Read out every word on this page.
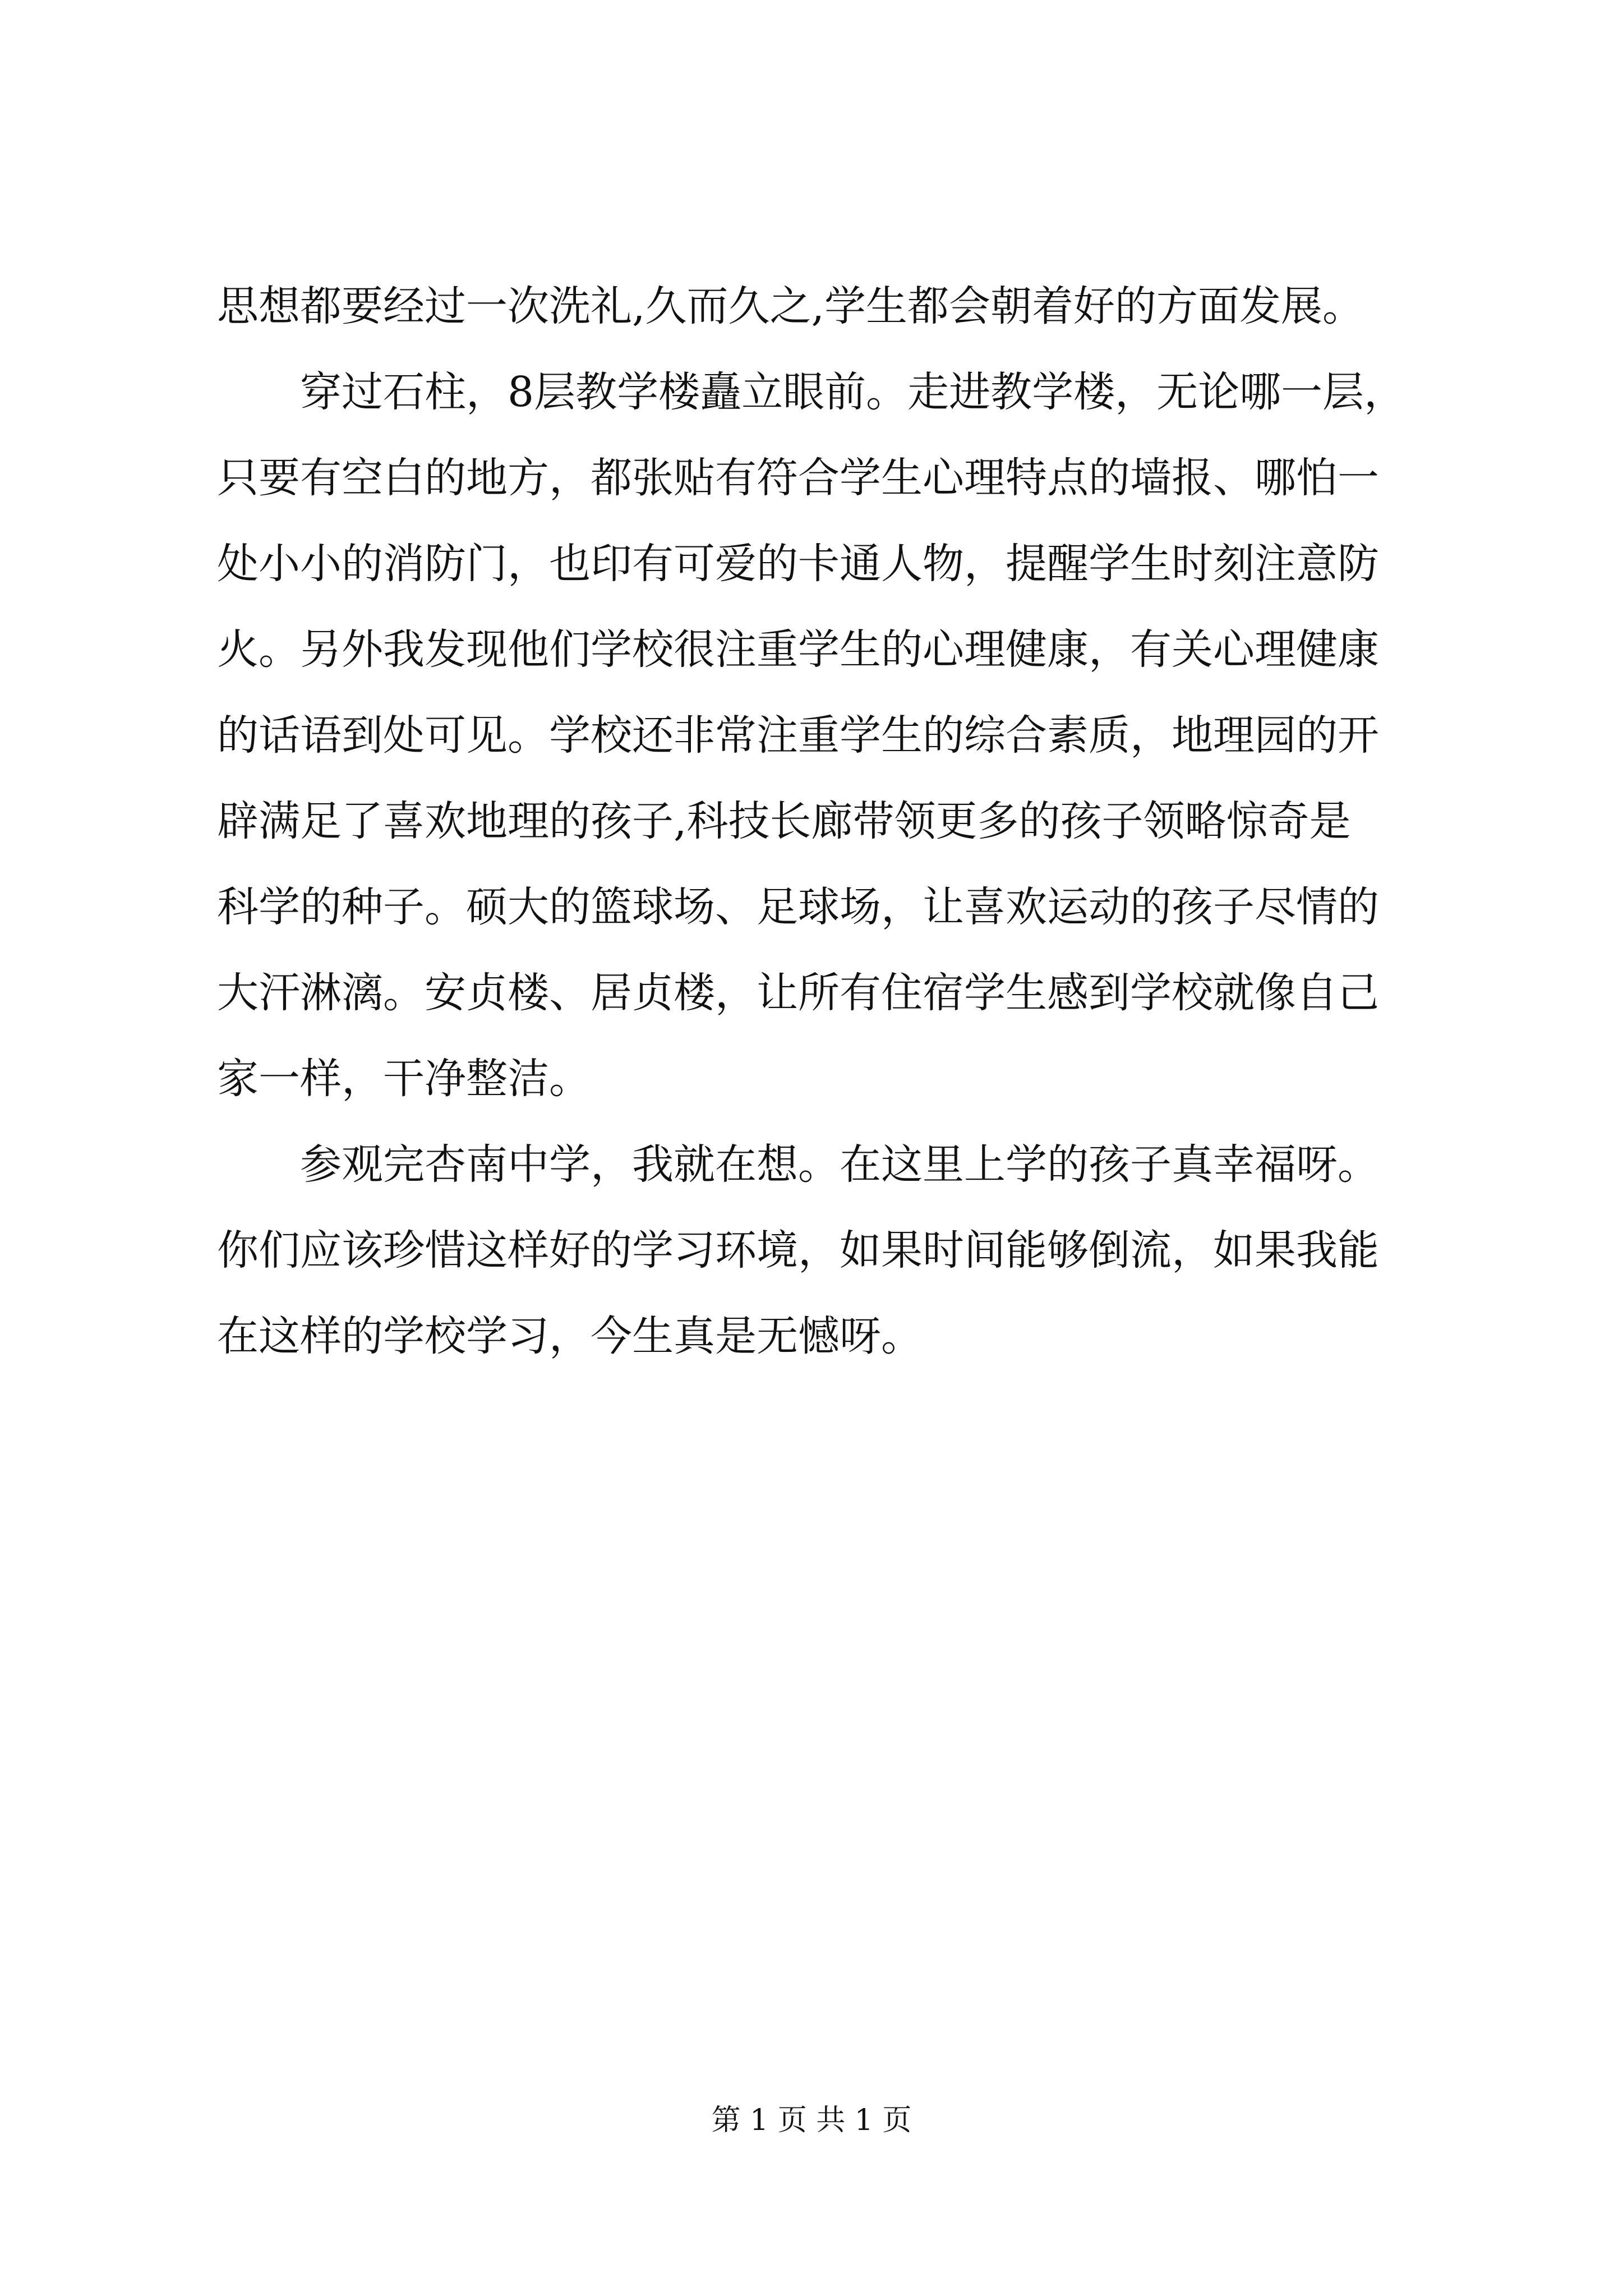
思想都要经过一次洗礼,久而久之,学生都会朝着好的方面发展。
穿过石柱，8层教学楼矗立眼前。走进教学楼，无论哪一层，
只要有空白的地方，都张贴有符合学生心理特点的墙报、哪怕一
处小小的消防门，也印有可爱的卡通人物，提醒学生时刻注意防
火。另外我发现他们学校很注重学生的心理健康，有关心理健康
的话语到处可见。学校还非常注重学生的综合素质，地理园的开
辟满足了喜欢地理的孩子,科技长廊带领更多的孩子领略惊奇是
科学的种子。硕大的篮球场、足球场，让喜欢运动的孩子尽情的
大汗淋漓。安贞楼、居贞楼，让所有住宿学生感到学校就像自己
家一样，干净整洁。
参观完杏南中学，我就在想。在这里上学的孩子真幸福呀。
你们应该珍惜这样好的学习环境，如果时间能够倒流，如果我能
在这样的学校学习，今生真是无憾呀。
第 1 页 共 1 页
